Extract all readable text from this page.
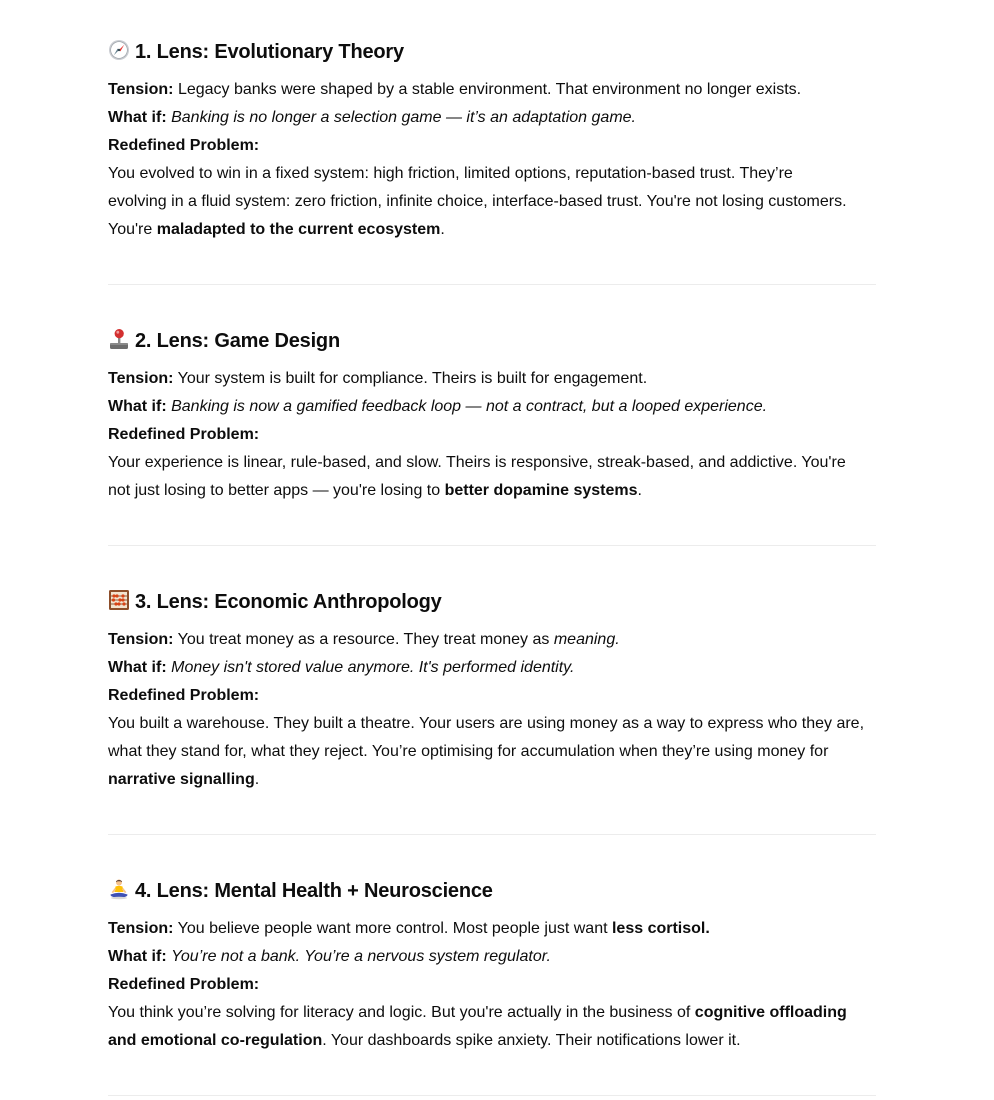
1. Lens: Evolutionary Theory
Tension: Legacy banks were shaped by a stable environment. That environment no longer exists.
What if: Banking is no longer a selection game — it’s an adaptation game.
Redefined Problem:
You evolved to win in a fixed system: high friction, limited options, reputation-based trust. They’re
evolving in a fluid system: zero friction, infinite choice, interface-based trust. You're not losing customers.
You're maladapted to the current ecosystem.
2. Lens: Game Design
Tension: Your system is built for compliance. Theirs is built for engagement.
What if: Banking is now a gamified feedback loop — not a contract, but a looped experience.
Redefined Problem:
Your experience is linear, rule-based, and slow. Theirs is responsive, streak-based, and addictive. You're
not just losing to better apps — you're losing to better dopamine systems.
3. Lens: Economic Anthropology
Tension: You treat money as a resource. They treat money as meaning.
What if: Money isn't stored value anymore. It's performed identity.
Redefined Problem:
You built a warehouse. They built a theatre. Your users are using money as a way to express who they are,
what they stand for, what they reject. You’re optimising for accumulation when they’re using money for
narrative signalling.
4. Lens: Mental Health + Neuroscience
Tension: You believe people want more control. Most people just want less cortisol.
What if: You’re not a bank. You’re a nervous system regulator.
Redefined Problem:
You think you’re solving for literacy and logic. But you're actually in the business of cognitive offloading
and emotional co-regulation. Your dashboards spike anxiety. Their notifications lower it.
